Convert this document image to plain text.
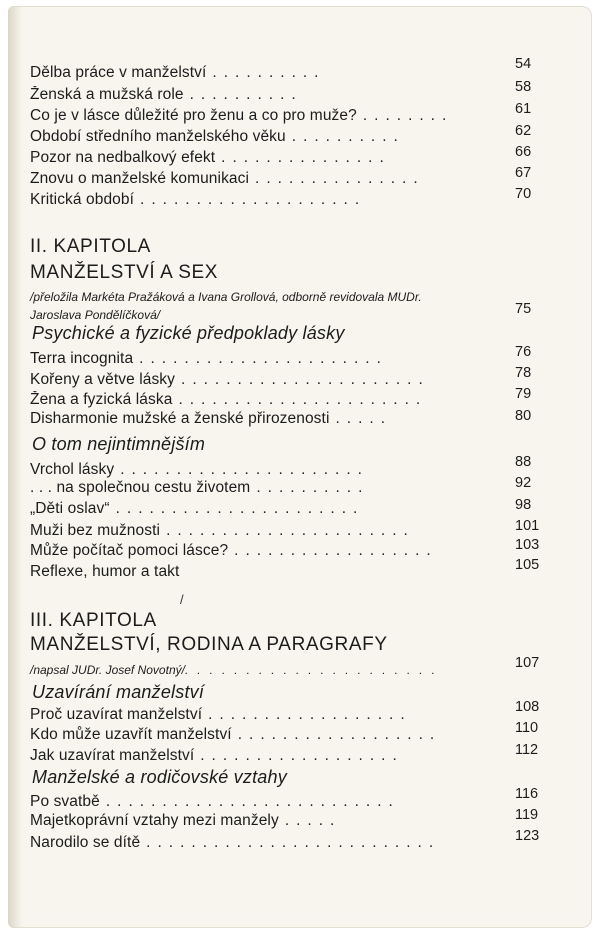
Dělba práce v manželství ..........	54
Ženská a mužská role ..........	58
Co je v lásce důležité pro ženu a co pro muže? ........	61
Období středního manželského věku ..........	62
Pozor na nedbalkový efekt ...............	66
Znovu o manželské komunikaci ...............	67
Kritická období ....................	70
II. KAPITOLA
MANŽELSTVÍ A SEX
/přeložila Markéta Pražáková a Ivana Grollová, odborně revidovala MUDr.
Jaroslava Pondělíčková/	75
Psychické a fyzické předpoklady lásky
Terra incognita ......................	76
Kořeny a větve lásky ......................	78
Žena a fyzická láska ......................	79
Disharmonie mužské a ženské přirozenosti .....	80
O tom nejintimnějším
Vrchol lásky ......................	88
. . . na společnou cestu životem ..........	92
„Děti oslav“ ......................	98
Muži bez mužnosti ......................	101
Může počítač pomoci lásce? ..................	103
Reflexe, humor a takt	105
/
III. KAPITOLA
MANŽELSTVÍ, RODINA A PARAGRAFY
/napsal JUDr. Josef Novotný/.....................	107
Uzavírání manželství
Proč uzavírat manželství ..................	108
Kdo může uzavřít manželství ..................	110
Jak uzavírat manželství ..................	112
Manželské a rodičovské vztahy
Po svatbě ..........................	116
Majetkoprávní vztahy mezi manžely .....	119
Narodilo se dítě ..........................	123
